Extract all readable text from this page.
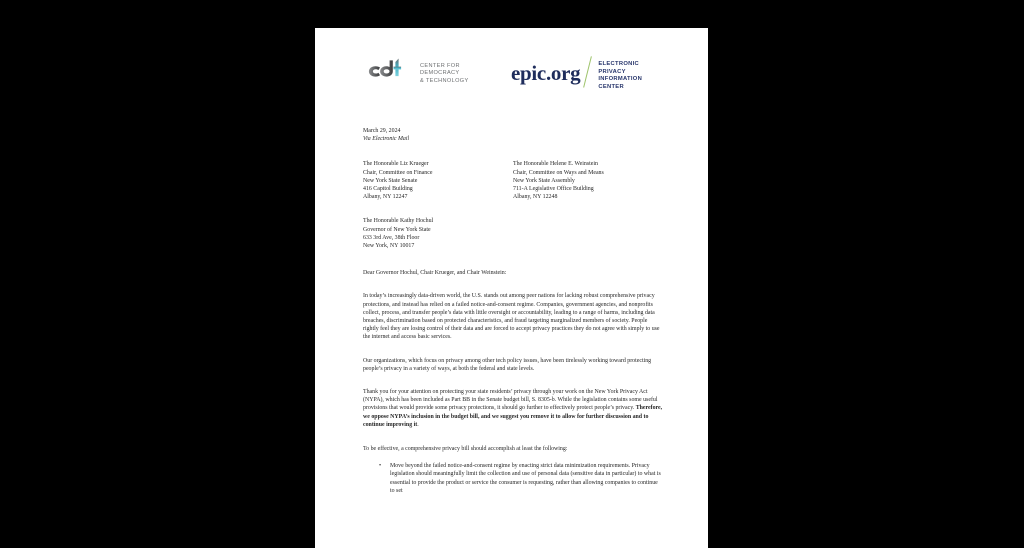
CENTER FOR
DEMOCRACY
& TECHNOLOGY epic.org	ELECTRONIC
PRIVACY
INFORMATION
CENTER
March 29, 2024
Via Electronic Mail
The Honorable Liz Krueger
Chair, Committee on Finance
New York State Senate
416 Capitol Building
Albany, NY 12247
The Honorable Helene E. Weinstein
Chair, Committee on Ways and Means
New York State Assembly
711-A Legislative Office Building
Albany, NY 12248
The Honorable Kathy Hochul
Governor of New York State
633 3rd Ave, 38th Floor
New York, NY 10017
Dear Governor Hochul, Chair Krueger, and Chair Weinstein:
In today’s increasingly data-driven world, the U.S. stands out among peer nations for lacking robust comprehensive privacy protections, and instead has relied on a failed notice-and-consent regime. Companies, government agencies, and nonprofits collect, process, and transfer people’s data with little oversight or accountability, leading to a range of harms, including data breaches, discrimination based on protected characteristics, and fraud targeting marginalized members of society. People rightly feel they are losing control of their data and are forced to accept privacy practices they do not agree with simply to use the internet and access basic services.
Our organizations, which focus on privacy among other tech policy issues, have been tirelessly working toward protecting people’s privacy in a variety of ways, at both the federal and state levels.
Thank you for your attention on protecting your state residents’ privacy through your work on the New York Privacy Act (NYPA), which has been included as Part BB in the Senate budget bill, S. 8305-b. While the legislation contains some useful provisions that would provide some privacy protections, it should go further to effectively protect people’s privacy. Therefore, we oppose NYPA’s inclusion in the budget bill, and we suggest you remove it to allow for further discussion and to continue improving it.
To be effective, a comprehensive privacy bill should accomplish at least the following:
• Move beyond the failed notice-and-consent regime by enacting strict data minimization requirements. Privacy legislation should meaningfully limit the collection and use of personal data (sensitive data in particular) to what is essential to provide the product or service the consumer is requesting, rather than allowing companies to continue to set
